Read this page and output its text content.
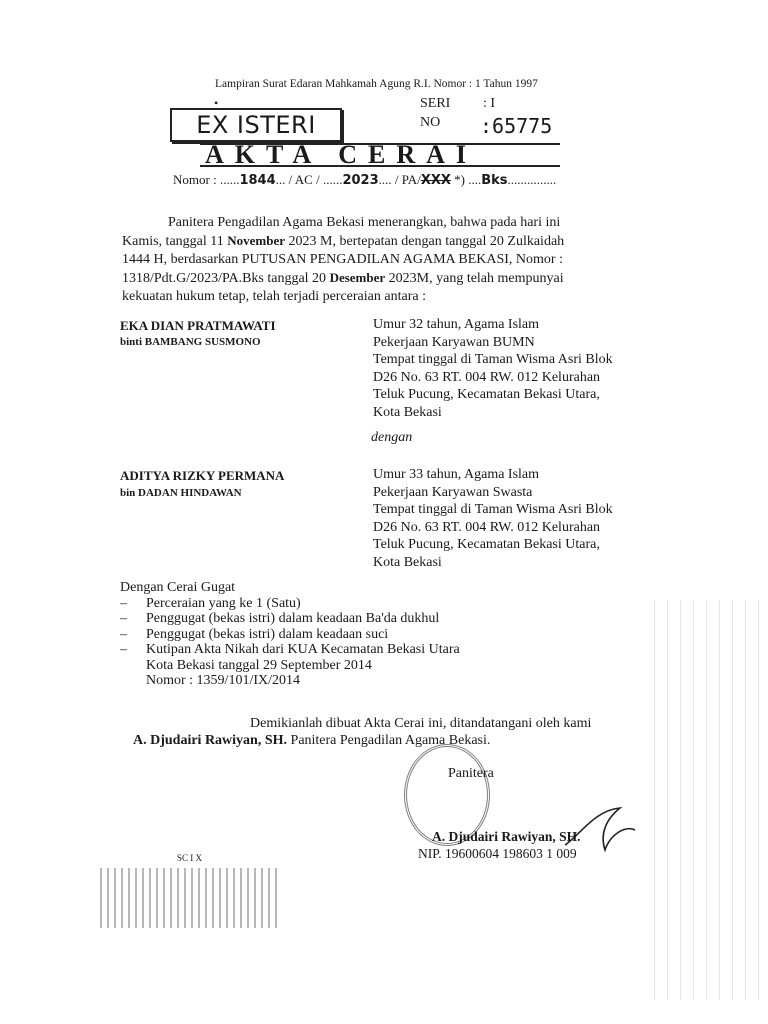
Lampiran Surat Edaran Mahkamah Agung R.I. Nomor : 1 Tahun 1997
•
EX ISTERI
SERI : I
NO :65775
AKTA CERAI
Nomor : ......1844... / AC / ......2023.... / PA/XXX *) ....Bks...............
Panitera Pengadilan Agama Bekasi menerangkan, bahwa pada hari ini
Kamis, tanggal 11 November 2023 M, bertepatan dengan tanggal 20 Zulkaidah
1444 H, berdasarkan PUTUSAN PENGADILAN AGAMA BEKASI, Nomor :
1318/Pdt.G/2023/PA.Bks tanggal 20 Desember 2023M, yang telah mempunyai
kekuatan hukum tetap, telah terjadi perceraian antara :
EKA DIAN PRATMAWATI
binti BAMBANG SUSMONO
Umur 32 tahun, Agama Islam
Pekerjaan Karyawan BUMN
Tempat tinggal di Taman Wisma Asri Blok
D26 No. 63 RT. 004 RW. 012 Kelurahan
Teluk Pucung, Kecamatan Bekasi Utara,
Kota Bekasi
dengan
ADITYA RIZKY PERMANA
bin DADAN HINDAWAN
Umur 33 tahun, Agama Islam
Pekerjaan Karyawan Swasta
Tempat tinggal di Taman Wisma Asri Blok
D26 No. 63 RT. 004 RW. 012 Kelurahan
Teluk Pucung, Kecamatan Bekasi Utara,
Kota Bekasi
Dengan Cerai Gugat
– Perceraian yang ke 1 (Satu)
– Penggugat (bekas istri) dalam keadaan Ba'da dukhul
– Penggugat (bekas istri) dalam keadaan suci
– Kutipan Akta Nikah dari KUA Kecamatan Bekasi Utara
Kota Bekasi tanggal 29 September 2014
Nomor : 1359/101/IX/2014
Demikianlah dibuat Akta Cerai ini, ditandatangani oleh kami
A. Djudairi Rawiyan, SH. Panitera Pengadilan Agama Bekasi.
Panitera
A. Djudairi Rawiyan, SH.
NIP. 19600604 198603 1 009
SC I X
